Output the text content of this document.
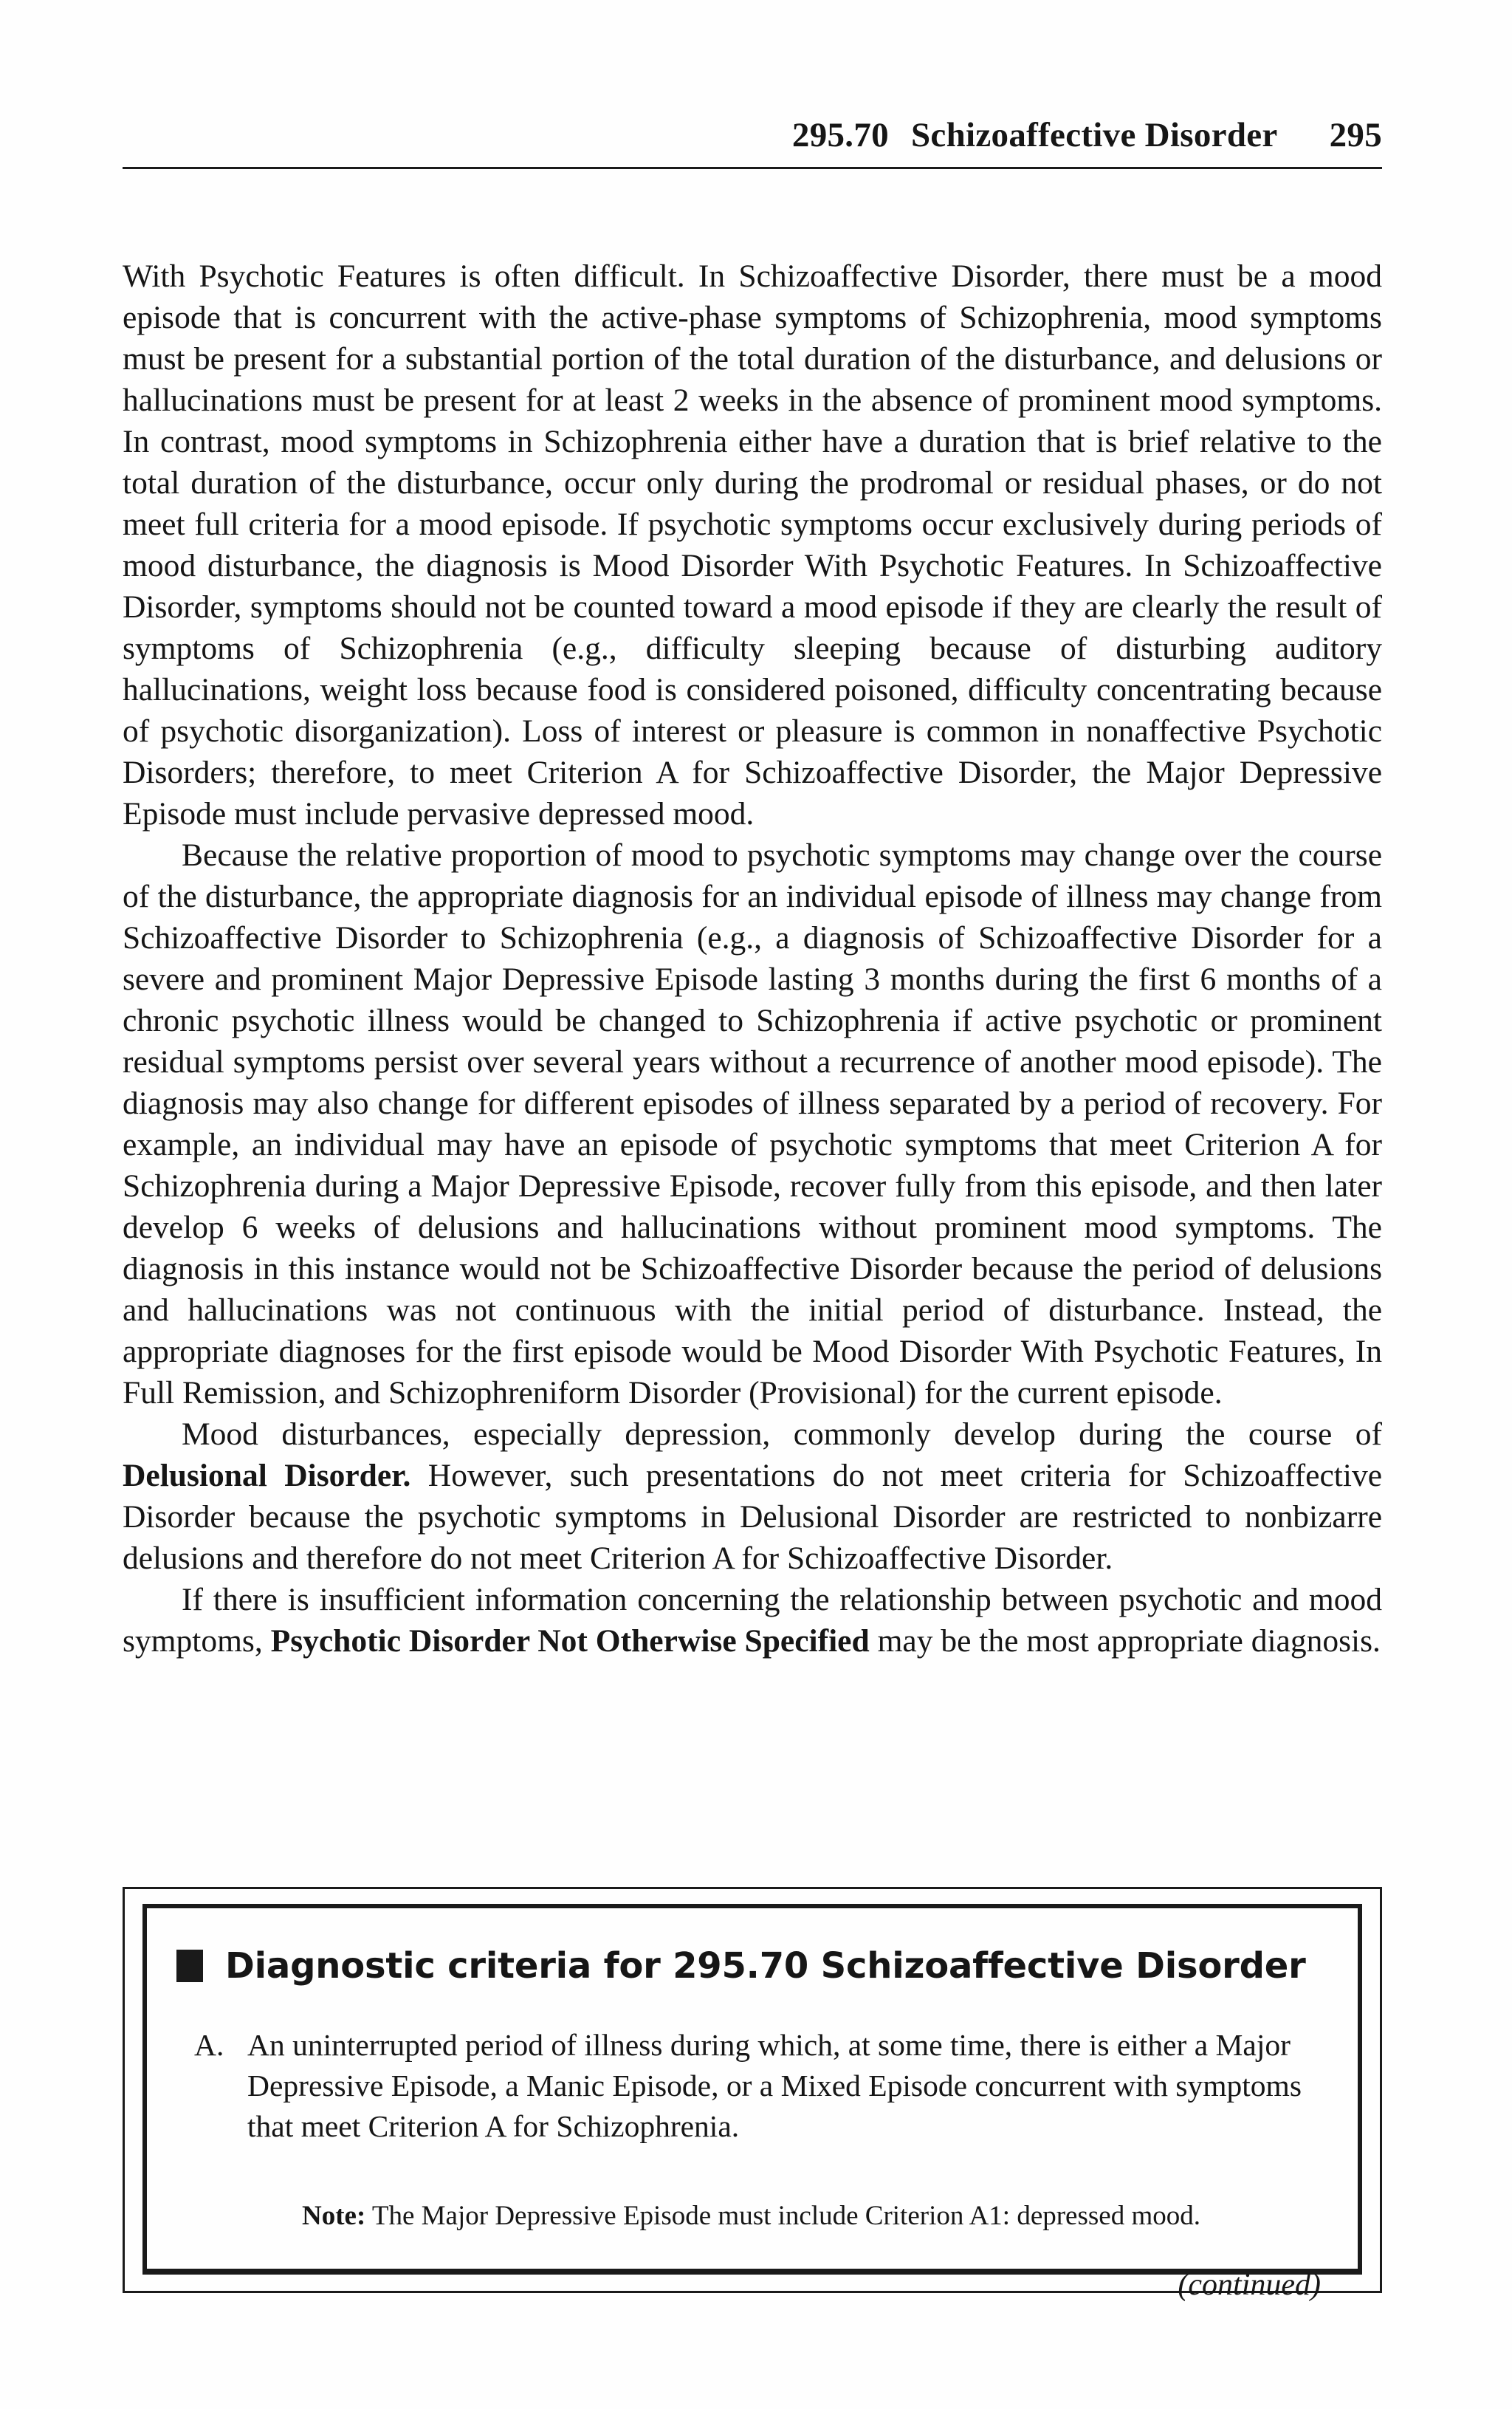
295.70 Schizoaffective Disorder 295

With Psychotic Features is often difficult. In Schizoaffective Disorder, there must be a mood episode that is concurrent with the active-phase symptoms of Schizophrenia, mood symptoms must be present for a substantial portion of the total duration of the disturbance, and delusions or hallucinations must be present for at least 2 weeks in the absence of prominent mood symptoms. In contrast, mood symptoms in Schizophrenia either have a duration that is brief relative to the total duration of the disturbance, occur only during the prodromal or residual phases, or do not meet full criteria for a mood episode. If psychotic symptoms occur exclusively during periods of mood disturbance, the diagnosis is Mood Disorder With Psychotic Features. In Schizoaffective Disorder, symptoms should not be counted toward a mood episode if they are clearly the result of symptoms of Schizophrenia (e.g., difficulty sleeping because of disturbing auditory hallucinations, weight loss because food is considered poisoned, difficulty concentrating because of psychotic disorganization). Loss of interest or pleasure is common in nonaffective Psychotic Disorders; therefore, to meet Criterion A for Schizoaffective Disorder, the Major Depressive Episode must include pervasive depressed mood.

Because the relative proportion of mood to psychotic symptoms may change over the course of the disturbance, the appropriate diagnosis for an individual episode of illness may change from Schizoaffective Disorder to Schizophrenia (e.g., a diagnosis of Schizoaffective Disorder for a severe and prominent Major Depressive Episode lasting 3 months during the first 6 months of a chronic psychotic illness would be changed to Schizophrenia if active psychotic or prominent residual symptoms persist over several years without a recurrence of another mood episode). The diagnosis may also change for different episodes of illness separated by a period of recovery. For example, an individual may have an episode of psychotic symptoms that meet Criterion A for Schizophrenia during a Major Depressive Episode, recover fully from this episode, and then later develop 6 weeks of delusions and hallucinations without prominent mood symptoms. The diagnosis in this instance would not be Schizoaffective Disorder because the period of delusions and hallucinations was not continuous with the initial period of disturbance. Instead, the appropriate diagnoses for the first episode would be Mood Disorder With Psychotic Features, In Full Remission, and Schizophreniform Disorder (Provisional) for the current episode.

Mood disturbances, especially depression, commonly develop during the course of Delusional Disorder. However, such presentations do not meet criteria for Schizoaffective Disorder because the psychotic symptoms in Delusional Disorder are restricted to nonbizarre delusions and therefore do not meet Criterion A for Schizoaffective Disorder.

If there is insufficient information concerning the relationship between psychotic and mood symptoms, Psychotic Disorder Not Otherwise Specified may be the most appropriate diagnosis.

Diagnostic criteria for 295.70 Schizoaffective Disorder
A. An uninterrupted period of illness during which, at some time, there is either a Major Depressive Episode, a Manic Episode, or a Mixed Episode concurrent with symptoms that meet Criterion A for Schizophrenia.
Note: The Major Depressive Episode must include Criterion A1: depressed mood.
(continued)
